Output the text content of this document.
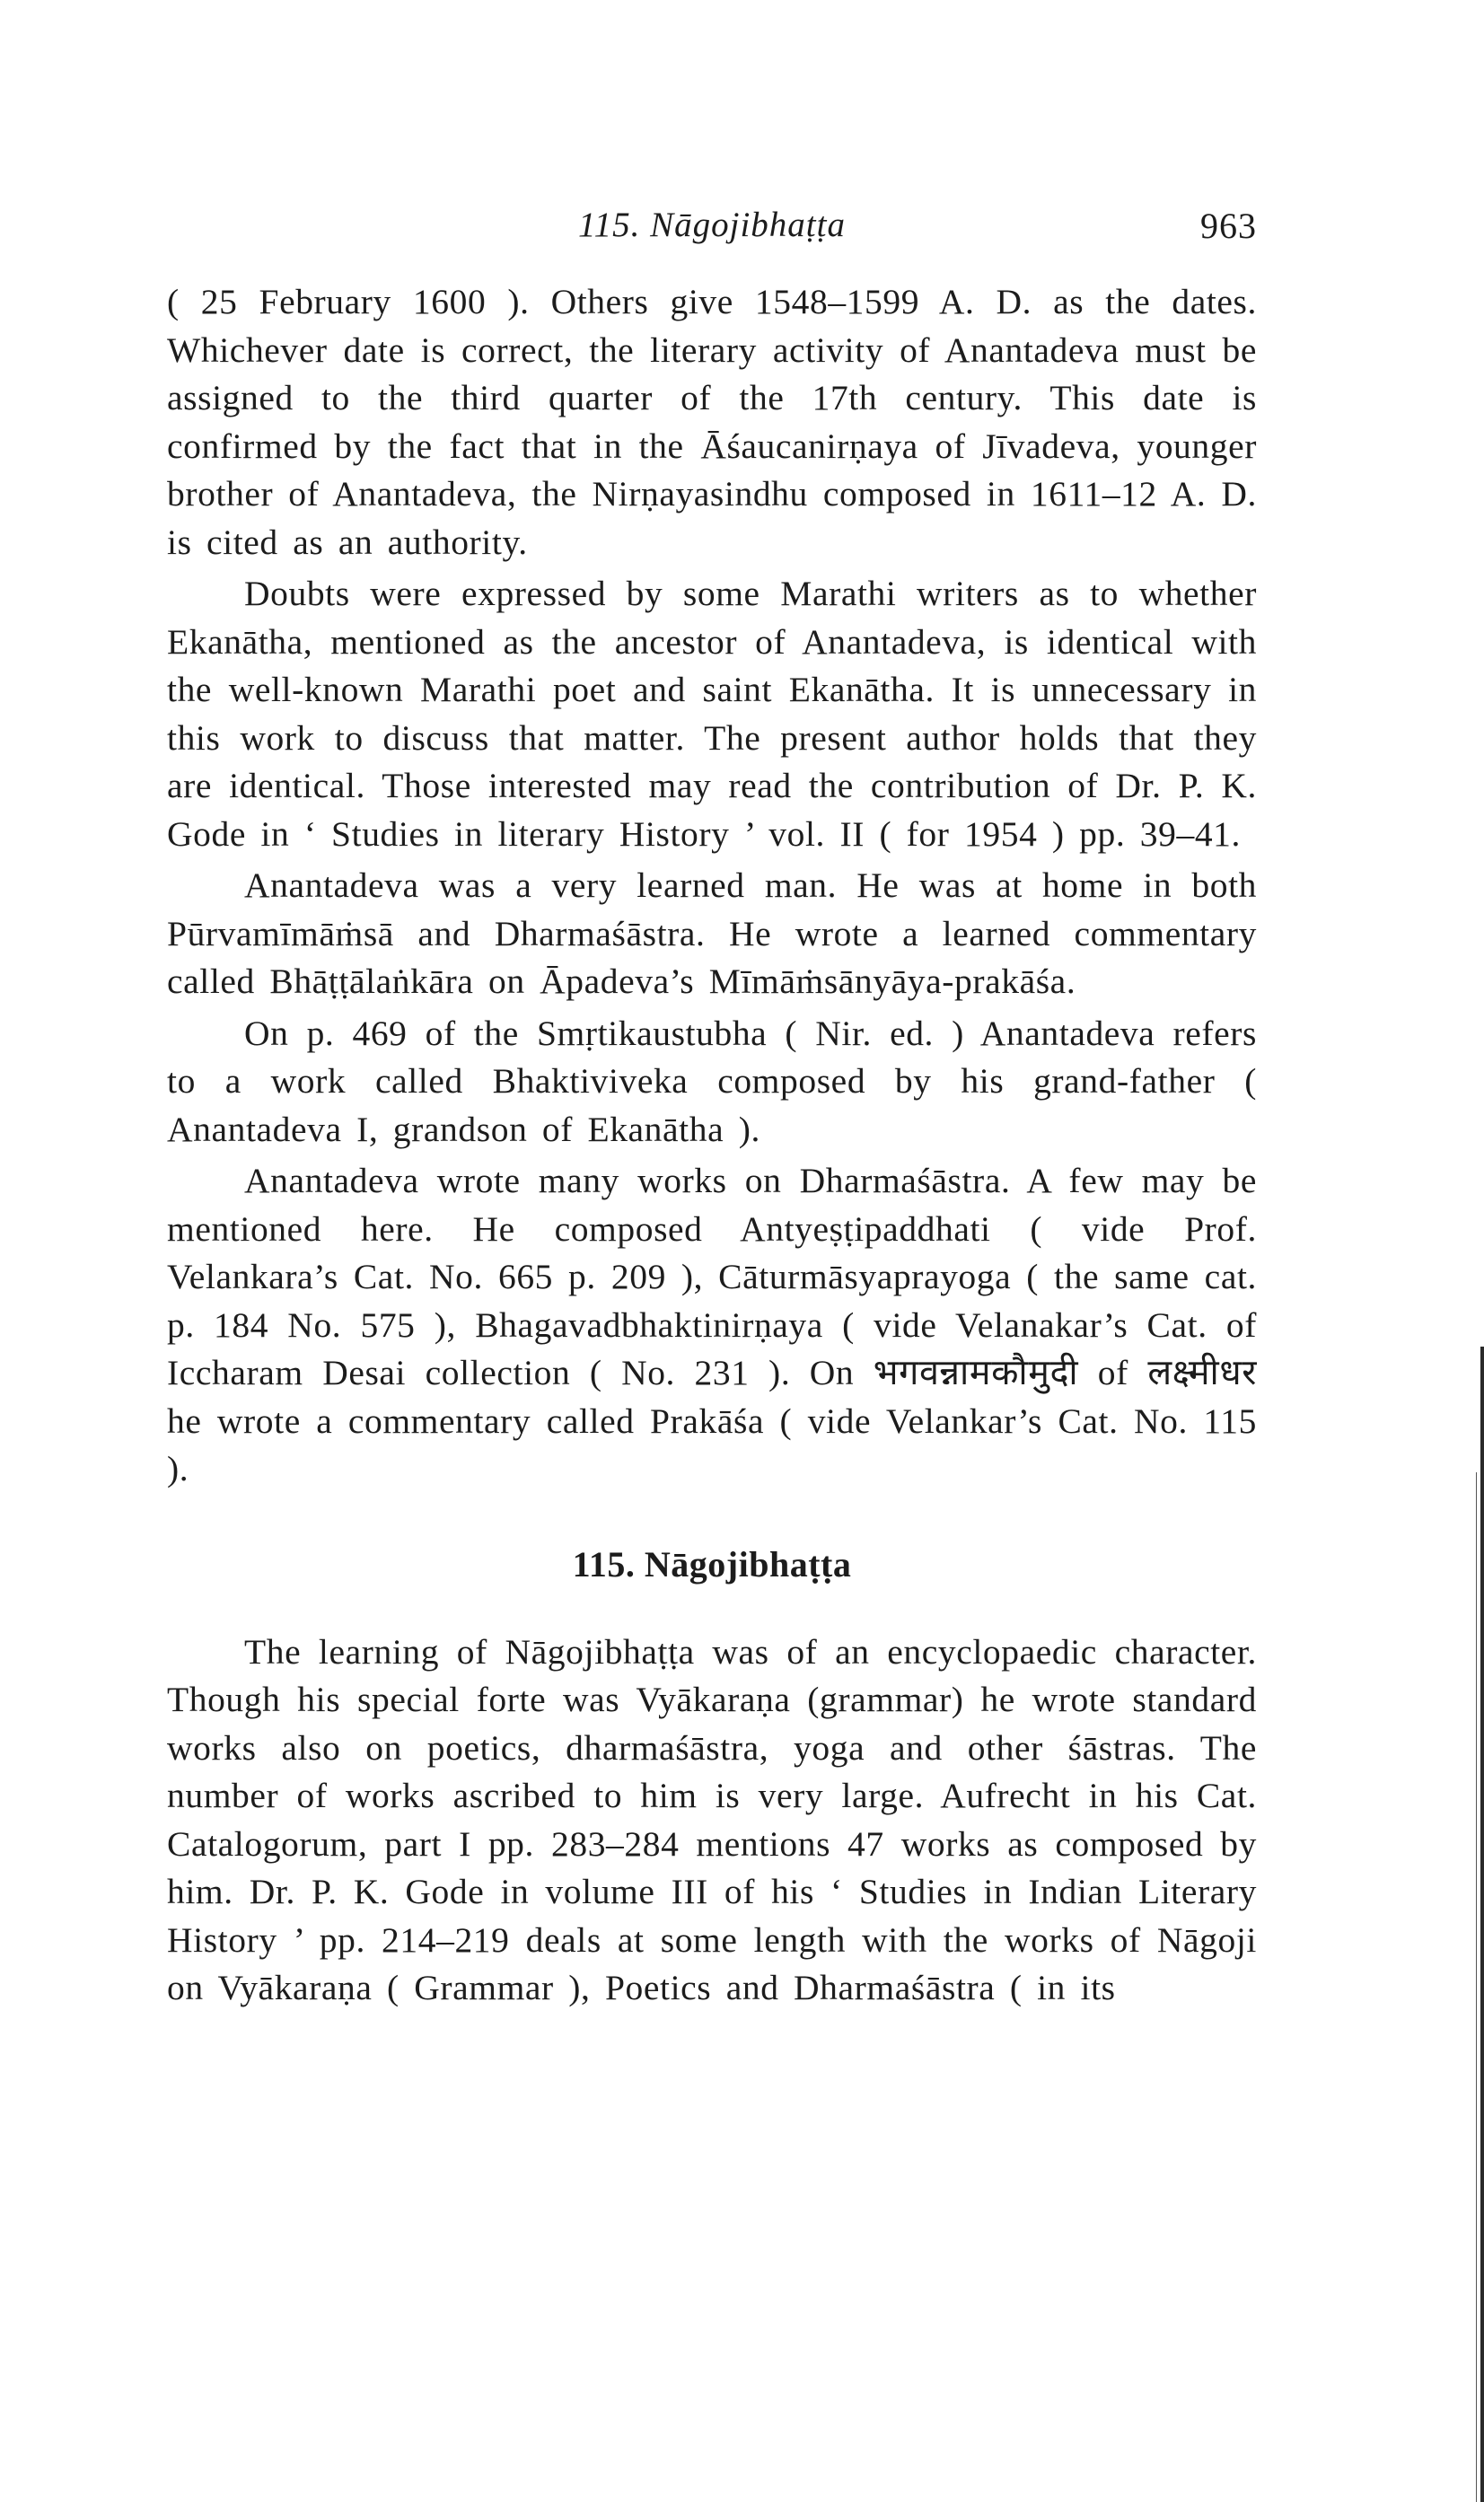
115. Nāgojibhaṭṭa	963

( 25 February 1600 ). Others give 1548–1599 A. D. as the dates. Whichever date is correct, the literary activity of Anantadeva must be assigned to the third quarter of the 17th century. This date is confirmed by the fact that in the Āśaucanirṇaya of Jīvadeva, younger brother of Anantadeva, the Nirṇayasindhu composed in 1611–12 A. D. is cited as an authority.

Doubts were expressed by some Marathi writers as to whether Ekanātha, mentioned as the ancestor of Anantadeva, is identical with the well-known Marathi poet and saint Ekanātha. It is unnecessary in this work to discuss that matter. The present author holds that they are identical. Those interested may read the contribution of Dr. P. K. Gode in ‘ Studies in literary History ’ vol. II ( for 1954 ) pp. 39–41.

Anantadeva was a very learned man. He was at home in both Pūrvamīmāṁsā and Dharmaśāstra. He wrote a learned commentary called Bhāṭṭālaṅkāra on Āpadeva’s Mīmāṁsānyāya-prakāśa.

On p. 469 of the Smṛtikaustubha ( Nir. ed. ) Anantadeva refers to a work called Bhaktiviveka composed by his grand-father ( Anantadeva I, grandson of Ekanātha ).

Anantadeva wrote many works on Dharmaśāstra. A few may be mentioned here. He composed Antyeṣṭipaddhati ( vide Prof. Velankara’s Cat. No. 665 p. 209 ), Cāturmāsyaprayoga ( the same cat. p. 184 No. 575 ), Bhagavadbhaktinirṇaya ( vide Velanakar’s Cat. of Iccharam Desai collection ( No. 231 ). On भगवन्नामकौमुदी of लक्ष्मीधर he wrote a commentary called Prakāśa ( vide Velankar’s Cat. No. 115 ).

115. Nāgojibhaṭṭa

The learning of Nāgojibhaṭṭa was of an encyclopaedic character. Though his special forte was Vyākaraṇa (grammar) he wrote standard works also on poetics, dharmaśāstra, yoga and other śāstras. The number of works ascribed to him is very large. Aufrecht in his Cat. Catalogorum, part I pp. 283–284 mentions 47 works as composed by him. Dr. P. K. Gode in volume III of his ‘ Studies in Indian Literary History ’ pp. 214–219 deals at some length with the works of Nāgoji on Vyākaraṇa ( Grammar ), Poetics and Dharmaśāstra ( in its
